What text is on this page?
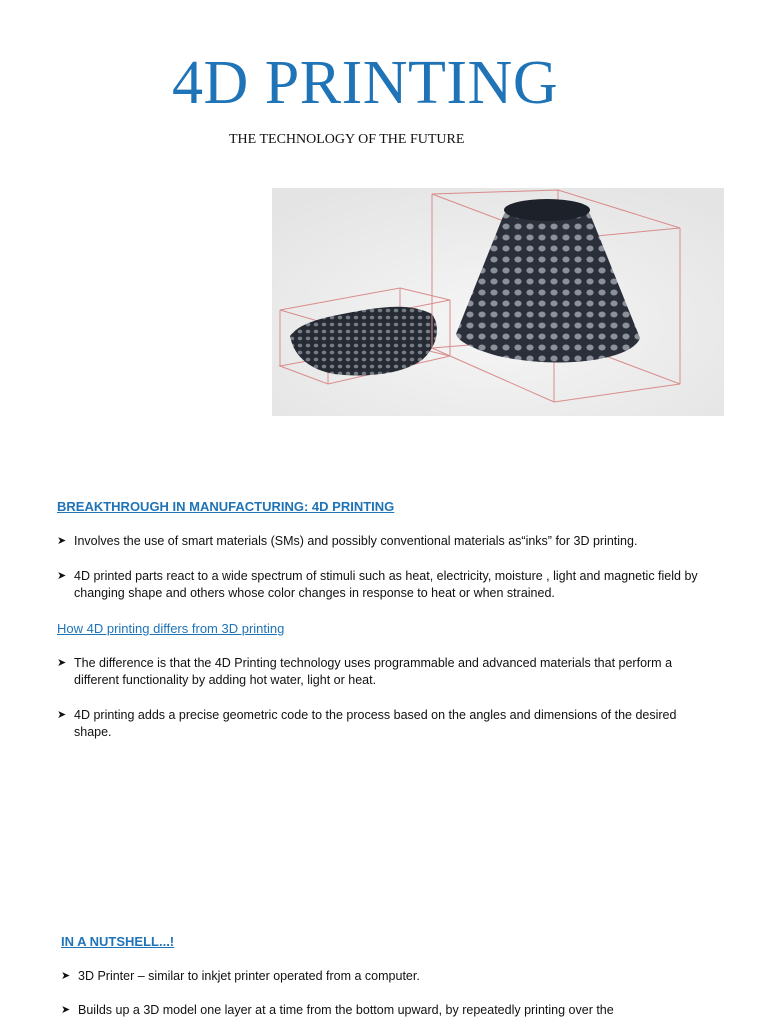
4D PRINTING
THE TECHNOLOGY OF THE FUTURE
BREAKTHROUGH IN MANUFACTURING: 4D PRINTING
➤ Involves the use of smart materials (SMs) and possibly conventional materials as“inks” for 3D printing.
➤ 4D printed parts react to a wide spectrum of stimuli such as heat, electricity, moisture , light and magnetic field by changing shape and others whose color changes in response to heat or when strained.
How 4D printing differs from 3D printing
➤ The difference is that the 4D Printing technology uses programmable and advanced materials that perform a different functionality by adding hot water, light or heat.
➤ 4D printing adds a precise geometric code to the process based on the angles and dimensions of the desired shape.
IN A NUTSHELL...!
➤ 3D Printer – similar to inkjet printer operated from a computer.
➤ Builds up a 3D model one layer at a time from the bottom upward, by repeatedly printing over the
